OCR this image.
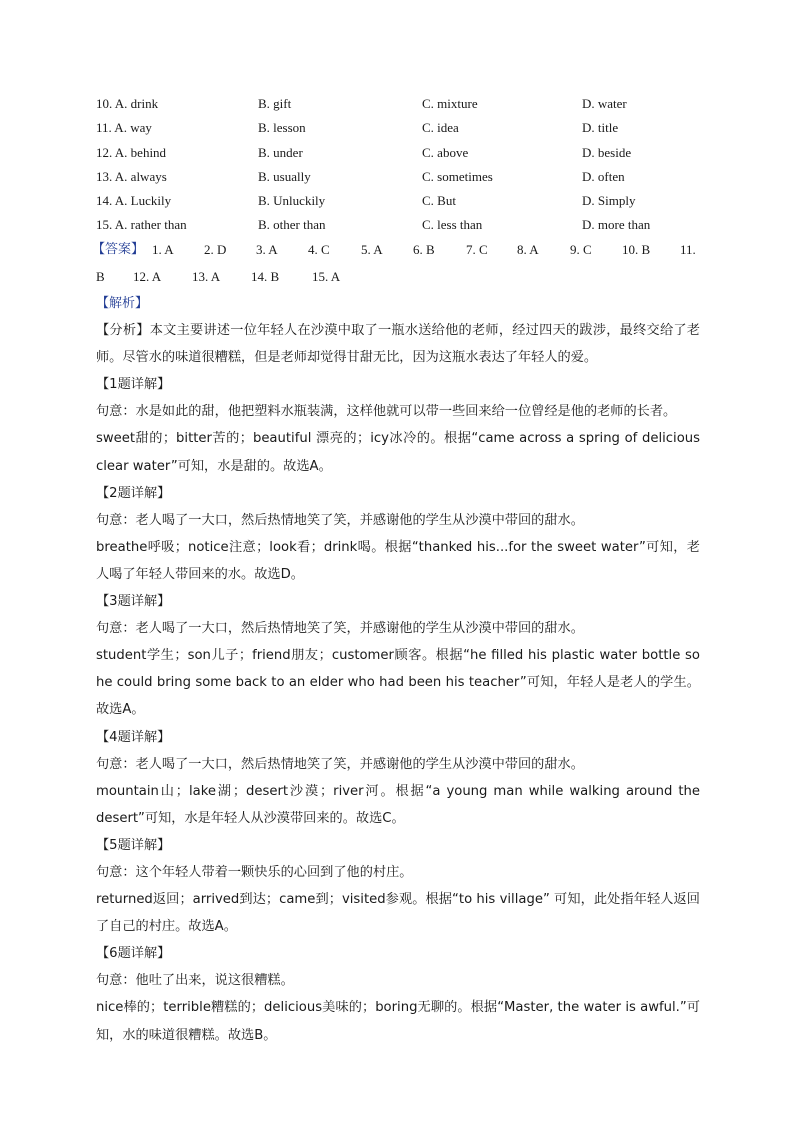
10. A. drink	B. gift	C. mixture	D. water
11. A. way	B. lesson	C. idea	D. title
12. A. behind	B. under	C. above	D. beside
13. A. always	B. usually	C. sometimes	D. often
14. A. Luckily	B. Unluckily	C. But	D. Simply
15. A. rather than	B. other than	C. less than	D. more than
【答案】 1. A 2. D 3. A 4. C 5. A 6. B 7. C 8. A 9. C 10. B 11.
B 12. A 13. A 14. B	15. A

【解析】

【分析】本文主要讲述一位年轻人在沙漠中取了一瓶水送给他的老师，经过四天的跋涉，最终交给了老师。尽管水的味道很糟糕，但是老师却觉得甘甜无比，因为这瓶水表达了年轻人的爱。

【1题详解】

句意：水是如此的甜，他把塑料水瓶装满，这样他就可以带一些回来给一位曾经是他的老师的长者。

sweet甜的；bitter苦的；beautiful 漂亮的；icy冰冷的。根据“came across a spring of delicious clear water”可知，水是甜的。故选A。

【2题详解】

句意：老人喝了一大口，然后热情地笑了笑，并感谢他的学生从沙漠中带回的甜水。

breathe呼吸；notice注意；look看；drink喝。根据“thanked his...for the sweet water”可知，老人喝了年轻人带回来的水。故选D。

【3题详解】

句意：老人喝了一大口，然后热情地笑了笑，并感谢他的学生从沙漠中带回的甜水。

student学生；son儿子；friend朋友；customer顾客。根据“he filled his plastic water bottle so he could bring some back to an elder who had been his teacher”可知，年轻人是老人的学生。故选A。

【4题详解】

句意：老人喝了一大口，然后热情地笑了笑，并感谢他的学生从沙漠中带回的甜水。

mountain山；lake湖；desert沙漠；river河。根据“a young man while walking around the desert”可知，水是年轻人从沙漠带回来的。故选C。

【5题详解】

句意：这个年轻人带着一颗快乐的心回到了他的村庄。

returned返回；arrived到达；came到；visited参观。根据“to his village” 可知，此处指年轻人返回了自己的村庄。故选A。

【6题详解】

句意：他吐了出来，说这很糟糕。

nice棒的；terrible糟糕的；delicious美味的；boring无聊的。根据“Master, the water is awful.”可知，水的味道很糟糕。故选B。
